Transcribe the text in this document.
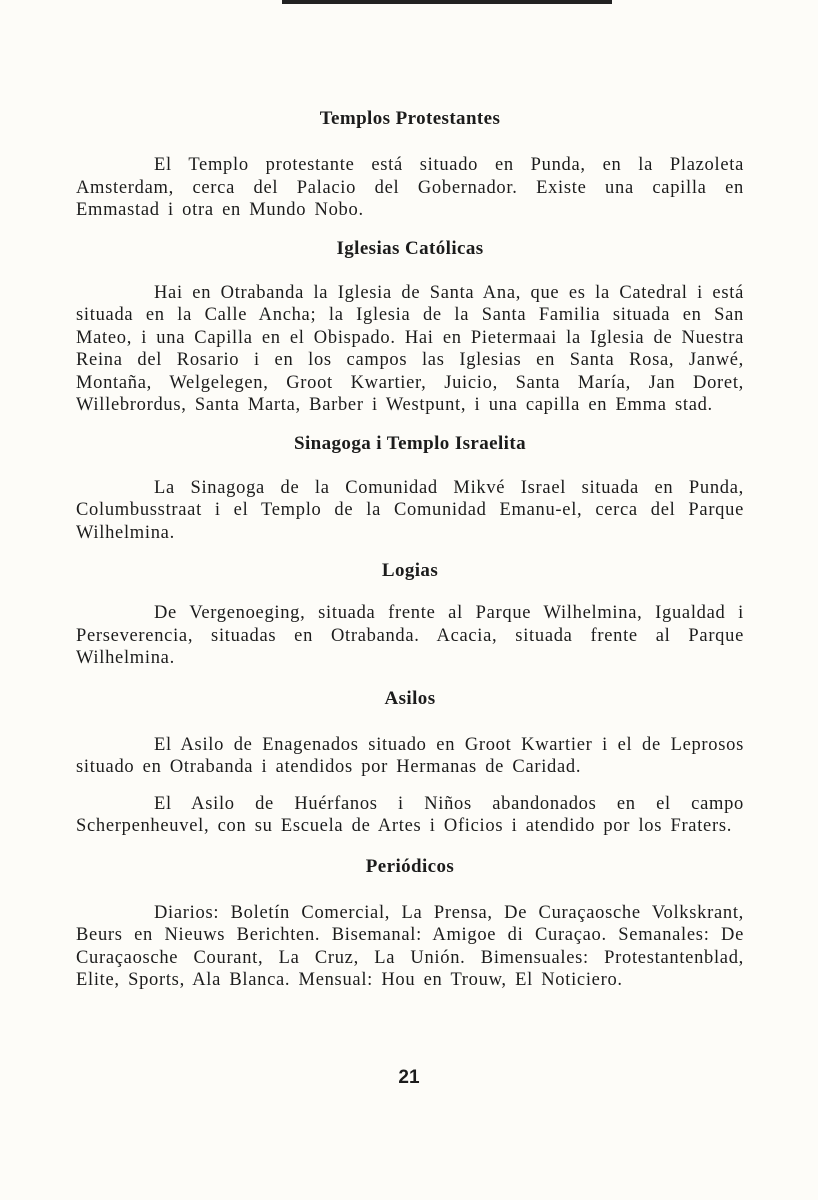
Templos Protestantes

El Templo protestante está situado en Punda, en la Plazoleta Amsterdam, cerca del Palacio del Gobernador. Existe una capilla en Emmastad i otra en Mundo Nobo.

Iglesias Católicas

Hai en Otrabanda la Iglesia de Santa Ana, que es la Catedral i está situada en la Calle Ancha; la Iglesia de la Santa Familia situada en San Mateo, i una Capilla en el Obispado. Hai en Pietermaai la Iglesia de Nuestra Reina del Rosario i en los campos las Iglesias en Santa Rosa, Janwé, Montaña, Welgelegen, Groot Kwartier, Juicio, Santa María, Jan Doret, Willebrordus, Santa Marta, Barber i Westpunt, i una capilla en Emma stad.

Sinagoga i Templo Israelita

La Sinagoga de la Comunidad Mikvé Israel situada en Punda, Columbusstraat i el Templo de la Comunidad Emanu-el, cerca del Parque Wilhelmina.

Logias

De Vergenoeging, situada frente al Parque Wilhelmina, Igualdad i Perseverencia, situadas en Otrabanda. Acacia, situada frente al Parque Wilhelmina.

Asilos

El Asilo de Enagenados situado en Groot Kwartier i el de Leprosos situado en Otrabanda i atendidos por Hermanas de Caridad.

El Asilo de Huérfanos i Niños abandonados en el campo Scherpenheuvel, con su Escuela de Artes i Oficios i atendido por los Fraters.

Periódicos

Diarios: Boletín Comercial, La Prensa, De Curaçaosche Volkskrant, Beurs en Nieuws Berichten. Bisemanal: Amigoe di Curaçao. Semanales: De Curaçaosche Courant, La Cruz, La Unión. Bimensuales: Protestantenblad, Elite, Sports, Ala Blanca. Mensual: Hou en Trouw, El Noticiero.

21
